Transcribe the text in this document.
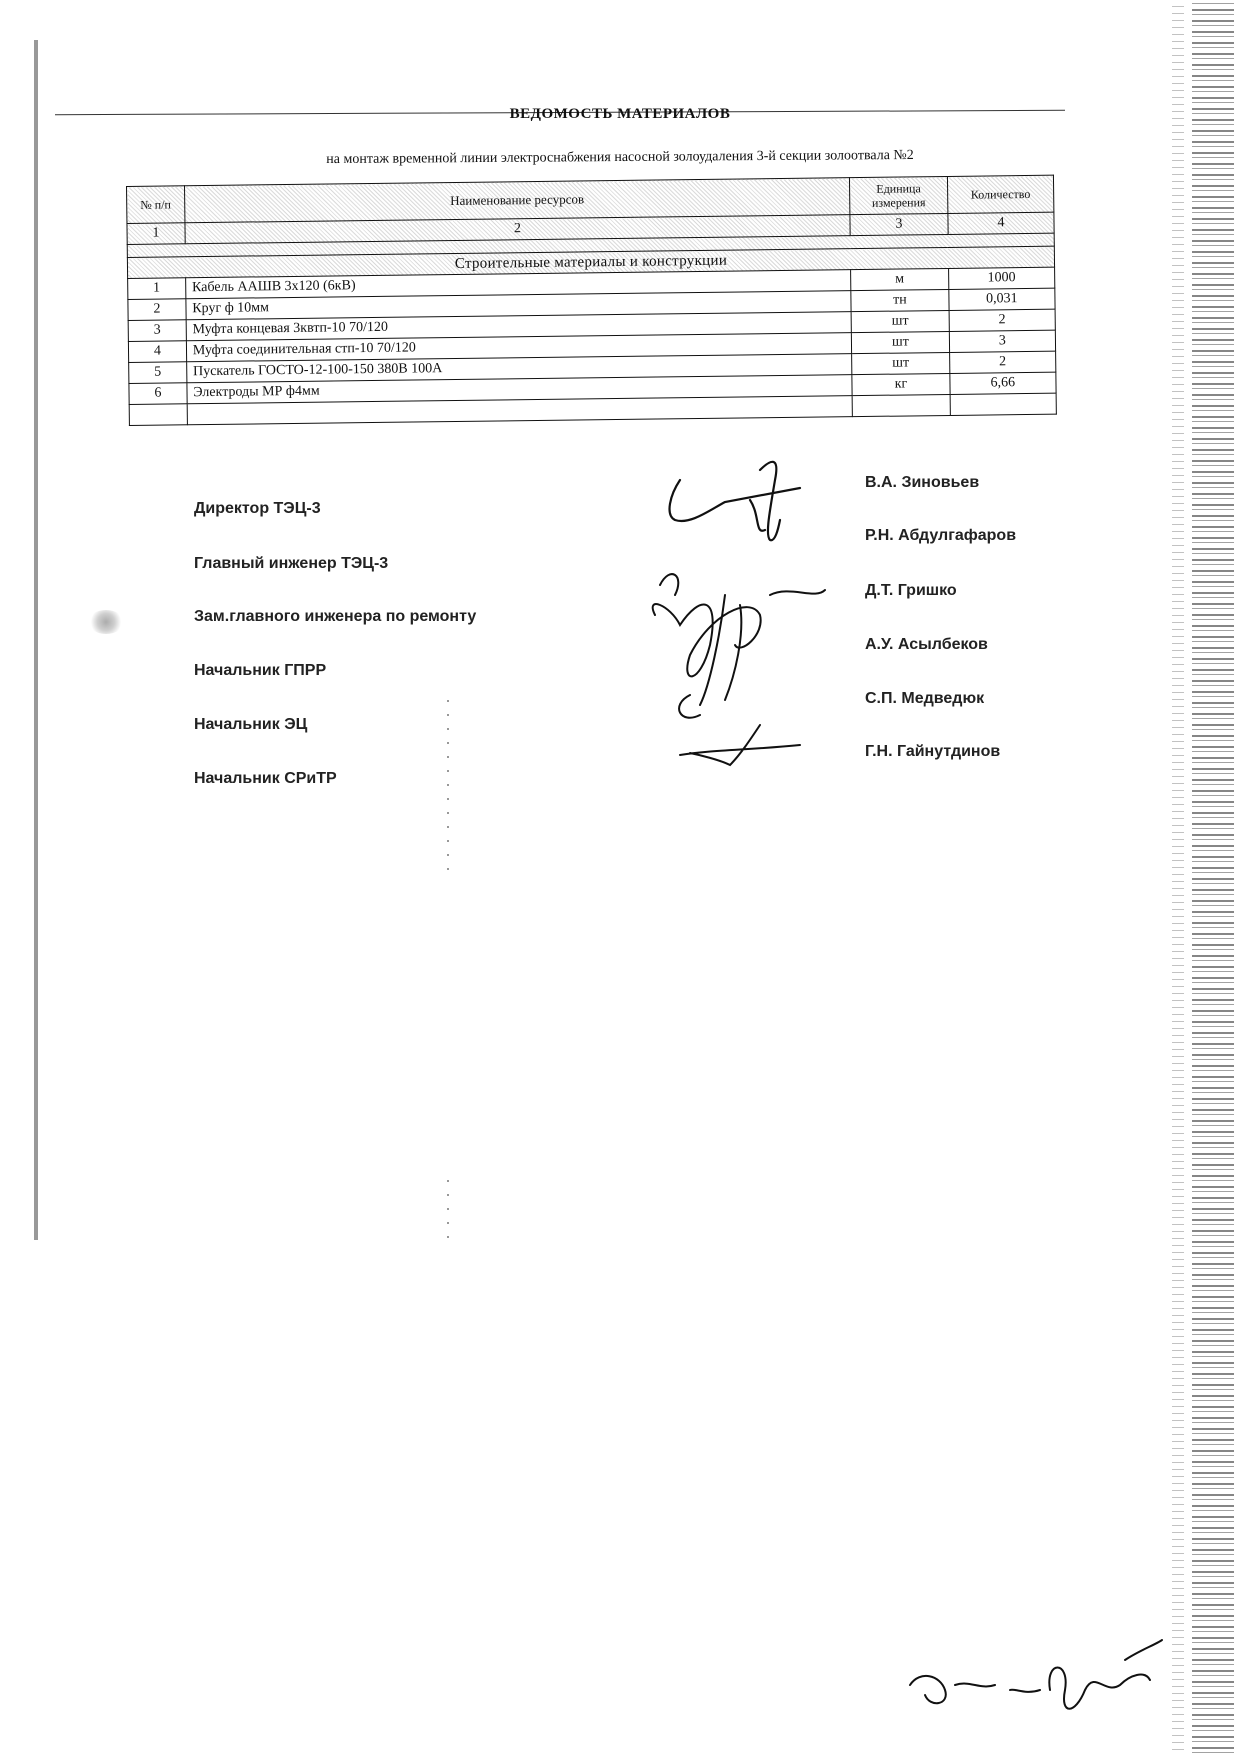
ВЕДОМОСТЬ МАТЕРИАЛОВ
на монтаж временной линии электроснабжения насосной золоудаления 3-й секции золоотвала №2
№ п/п	Наименование ресурсов	Единица измерения	Количество
1	2	3	4

Строительные материалы и конструкции			
1	Кабель ААШВ 3х120 (6кВ)	м	1000
2	Круг ф 10мм	тн	0,031
3	Муфта концевая 3квтп-10 70/120	шт	2
4	Муфта соединительная стп-10 70/120	шт	3
5	Пускатель ГОСТО-12-100-150 380В 100А	шт	2
6	Электроды МР ф4мм	кг	6,66

Директор ТЭЦ-3
Главный инженер ТЭЦ-3
Зам.главного инженера по ремонту
Начальник ГПРР
Начальник ЭЦ
Начальник СРиТР
В.А. Зиновьев
Р.Н. Абдулгафаров
Д.Т. Гришко
А.У. Асылбеков
С.П. Медведюк
Г.Н. Гайнутдинов
